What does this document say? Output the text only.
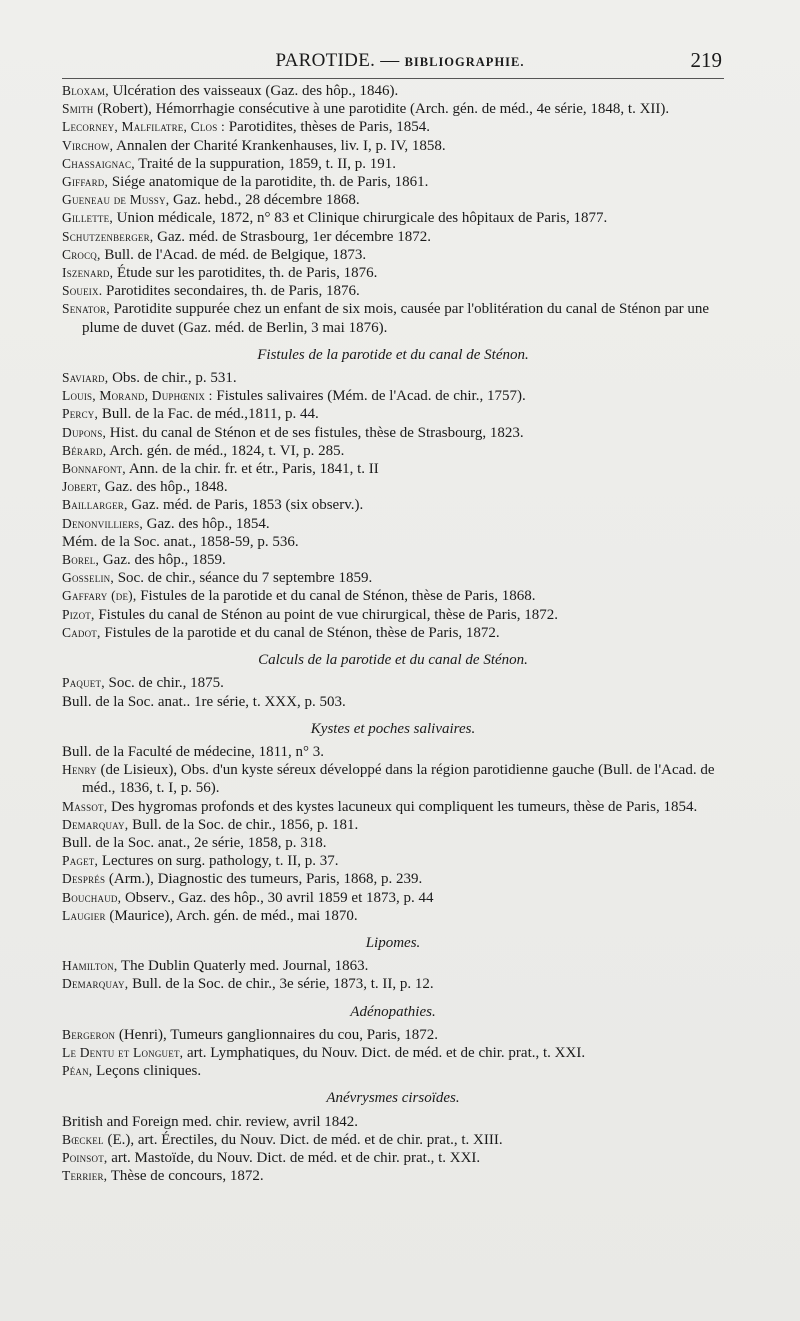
PAROTIDE. — BIBLIOGRAPHIE.	219

Bloxam, Ulcération des vaisseaux (Gaz. des hôp., 1846).

Smith (Robert), Hémorrhagie consécutive à une parotidite (Arch. gén. de méd., 4e série, 1848, t. XII).

Lecorney, Malfilatre, Clos : Parotidites, thèses de Paris, 1854.

Virchow, Annalen der Charité Krankenhauses, liv. I, p. IV, 1858.

Chassaignac, Traité de la suppuration, 1859, t. II, p. 191.

Giffard, Siége anatomique de la parotidite, th. de Paris, 1861.

Gueneau de Mussy, Gaz. hebd., 28 décembre 1868.

Gillette, Union médicale, 1872, n° 83 et Clinique chirurgicale des hôpitaux de Paris, 1877.

Schutzenberger, Gaz. méd. de Strasbourg, 1er décembre 1872.

Crocq, Bull. de l'Acad. de méd. de Belgique, 1873.

Iszenard, Étude sur les parotidites, th. de Paris, 1876.

Soueix. Parotidites secondaires, th. de Paris, 1876.

Senator, Parotidite suppurée chez un enfant de six mois, causée par l'oblitération du canal de Sténon par une plume de duvet (Gaz. méd. de Berlin, 3 mai 1876).

Fistules de la parotide et du canal de Sténon.

Saviard, Obs. de chir., p. 531.

Louis, Morand, Duphœnix : Fistules salivaires (Mém. de l'Acad. de chir., 1757).

Percy, Bull. de la Fac. de méd.,1811, p. 44.

Dupons, Hist. du canal de Sténon et de ses fistules, thèse de Strasbourg, 1823.

Bérard, Arch. gén. de méd., 1824, t. VI, p. 285.

Bonnafont, Ann. de la chir. fr. et étr., Paris, 1841, t. II

Jobert, Gaz. des hôp., 1848.

Baillarger, Gaz. méd. de Paris, 1853 (six observ.).

Denonvilliers, Gaz. des hôp., 1854.

Mém. de la Soc. anat., 1858-59, p. 536.

Borel, Gaz. des hôp., 1859.

Gosselin, Soc. de chir., séance du 7 septembre 1859.

Gaffary (de), Fistules de la parotide et du canal de Sténon, thèse de Paris, 1868.

Pizot, Fistules du canal de Sténon au point de vue chirurgical, thèse de Paris, 1872.

Cadot, Fistules de la parotide et du canal de Sténon, thèse de Paris, 1872.

Calculs de la parotide et du canal de Sténon.

Paquet, Soc. de chir., 1875.

Bull. de la Soc. anat.. 1re série, t. XXX, p. 503.

Kystes et poches salivaires.

Bull. de la Faculté de médecine, 1811, n° 3.

Henry (de Lisieux), Obs. d'un kyste séreux développé dans la région parotidienne gauche (Bull. de l'Acad. de méd., 1836, t. I, p. 56).

Massot, Des hygromas profonds et des kystes lacuneux qui compliquent les tumeurs, thèse de Paris, 1854.

Demarquay, Bull. de la Soc. de chir., 1856, p. 181.

Bull. de la Soc. anat., 2e série, 1858, p. 318.

Paget, Lectures on surg. pathology, t. II, p. 37.

Després (Arm.), Diagnostic des tumeurs, Paris, 1868, p. 239.

Bouchaud, Observ., Gaz. des hôp., 30 avril 1859 et 1873, p. 44

Laugier (Maurice), Arch. gén. de méd., mai 1870.

Lipomes.

Hamilton, The Dublin Quaterly med. Journal, 1863.

Demarquay, Bull. de la Soc. de chir., 3e série, 1873, t. II, p. 12.

Adénopathies.

Bergeron (Henri), Tumeurs ganglionnaires du cou, Paris, 1872.

Le Dentu et Longuet, art. Lymphatiques, du Nouv. Dict. de méd. et de chir. prat., t. XXI.

Péan, Leçons cliniques.

Anévrysmes cirsoïdes.

British and Foreign med. chir. review, avril 1842.

Bœckel (E.), art. Érectiles, du Nouv. Dict. de méd. et de chir. prat., t. XIII.

Poinsot, art. Mastoïde, du Nouv. Dict. de méd. et de chir. prat., t. XXI.

Terrier, Thèse de concours, 1872.
